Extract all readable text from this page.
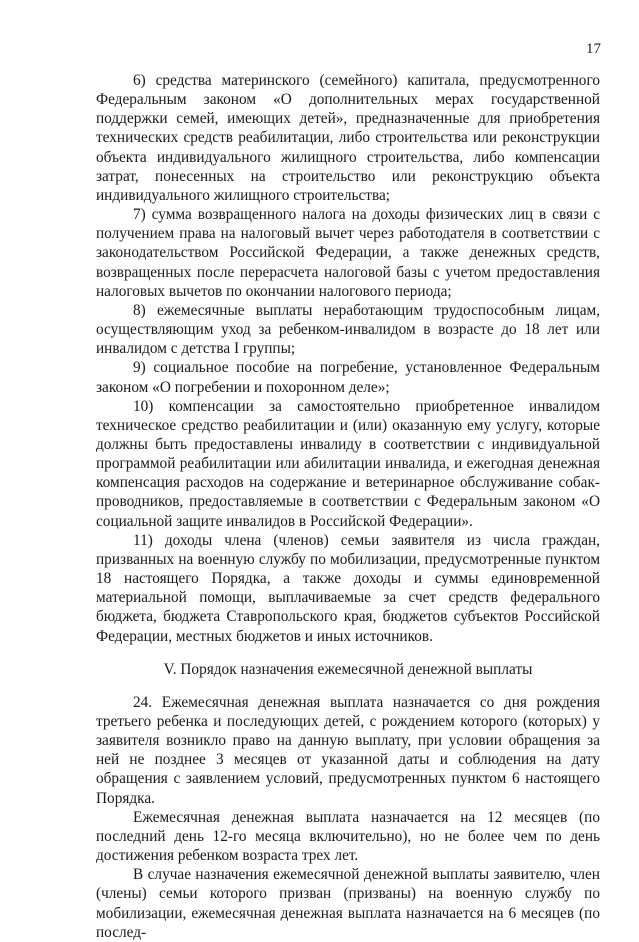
17

6) средства материнского (семейного) капитала, предусмотренного Федеральным законом «О дополнительных мерах государственной поддержки семей, имеющих детей», предназначенные для приобретения технических средств реабилитации, либо строительства или реконструкции объекта индивидуального жилищного строительства, либо компенсации затрат, понесенных на строительство или реконструкцию объекта индивидуального жилищного строительства;

7) сумма возвращенного налога на доходы физических лиц в связи с получением права на налоговый вычет через работодателя в соответствии с законодательством Российской Федерации, а также денежных средств, возвращенных после перерасчета налоговой базы с учетом предоставления налоговых вычетов по окончании налогового периода;

8) ежемесячные выплаты неработающим трудоспособным лицам, осуществляющим уход за ребенком-инвалидом в возрасте до 18 лет или инвалидом с детства I группы;

9) социальное пособие на погребение, установленное Федеральным законом «О погребении и похоронном деле»;

10) компенсации за самостоятельно приобретенное инвалидом техническое средство реабилитации и (или) оказанную ему услугу, которые должны быть предоставлены инвалиду в соответствии с индивидуальной программой реабилитации или абилитации инвалида, и ежегодная денежная компенсация расходов на содержание и ветеринарное обслуживание собак-проводников, предоставляемые в соответствии с Федеральным законом «О социальной защите инвалидов в Российской Федерации».

11) доходы члена (членов) семьи заявителя из числа граждан, призванных на военную службу по мобилизации, предусмотренные пунктом 18 настоящего Порядка, а также доходы и суммы единовременной материальной помощи, выплачиваемые за счет средств федерального бюджета, бюджета Ставропольского края, бюджетов субъектов Российской Федерации, местных бюджетов и иных источников.

V. Порядок назначения ежемесячной денежной выплаты

24. Ежемесячная денежная выплата назначается со дня рождения третьего ребенка и последующих детей, с рождением которого (которых) у заявителя возникло право на данную выплату, при условии обращения за ней не позднее 3 месяцев от указанной даты и соблюдения на дату обращения с заявлением условий, предусмотренных пунктом 6 настоящего Порядка.

Ежемесячная денежная выплата назначается на 12 месяцев (по последний день 12-го месяца включительно), но не более чем по день достижения ребенком возраста трех лет.

В случае назначения ежемесячной денежной выплаты заявителю, член (члены) семьи которого призван (призваны) на военную службу по мобилизации, ежемесячная денежная выплата назначается на 6 месяцев (по послед-
